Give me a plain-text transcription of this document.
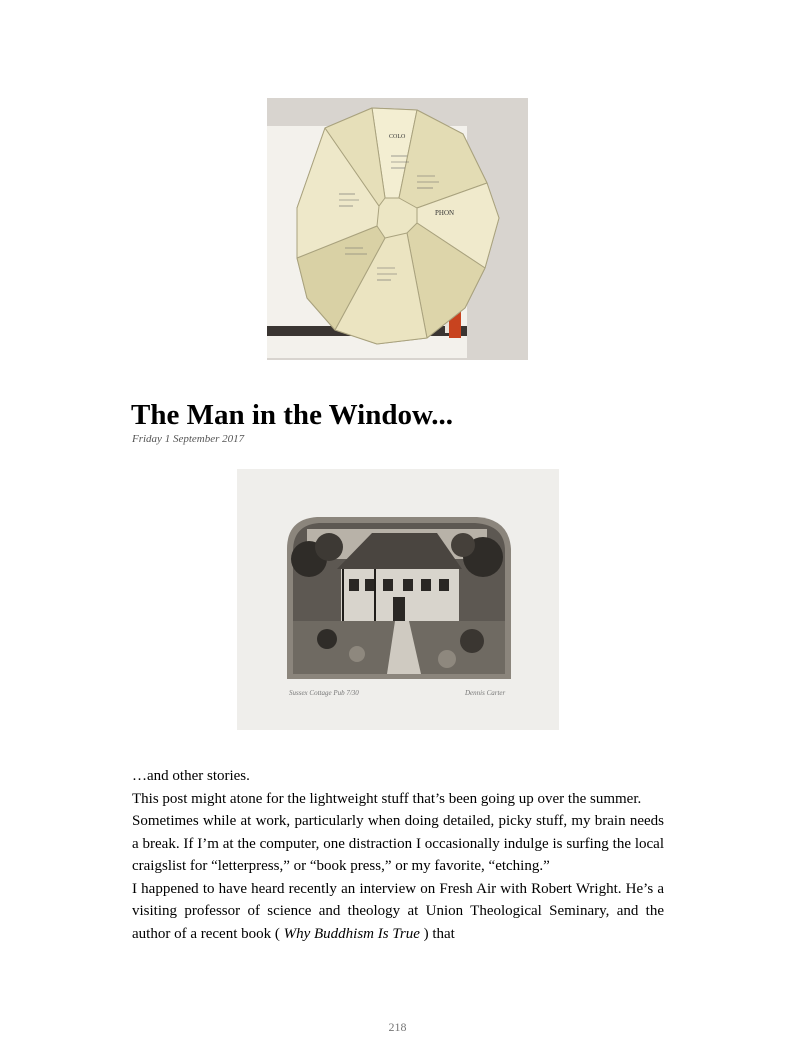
COLO
PHON
The Man in the Window...
Friday 1 September 2017
Sussex Cottage Pub 7/30	Dennis Carter

…and other stories.

This post might atone for the lightweight stuff that’s been going up over the summer.

Sometimes while at work, particularly when doing detailed, picky stuff, my brain needs a break. If I’m at the computer, one distraction I occasionally indulge is surfing the local craigslist for “letterpress,” or “book press,” or my favorite, “etching.”

I happened to have heard recently an interview on Fresh Air with Robert Wright. He’s a visiting professor of science and theology at Union Theological Seminary, and the author of a recent book ( Why Buddhism Is True ) that

218
